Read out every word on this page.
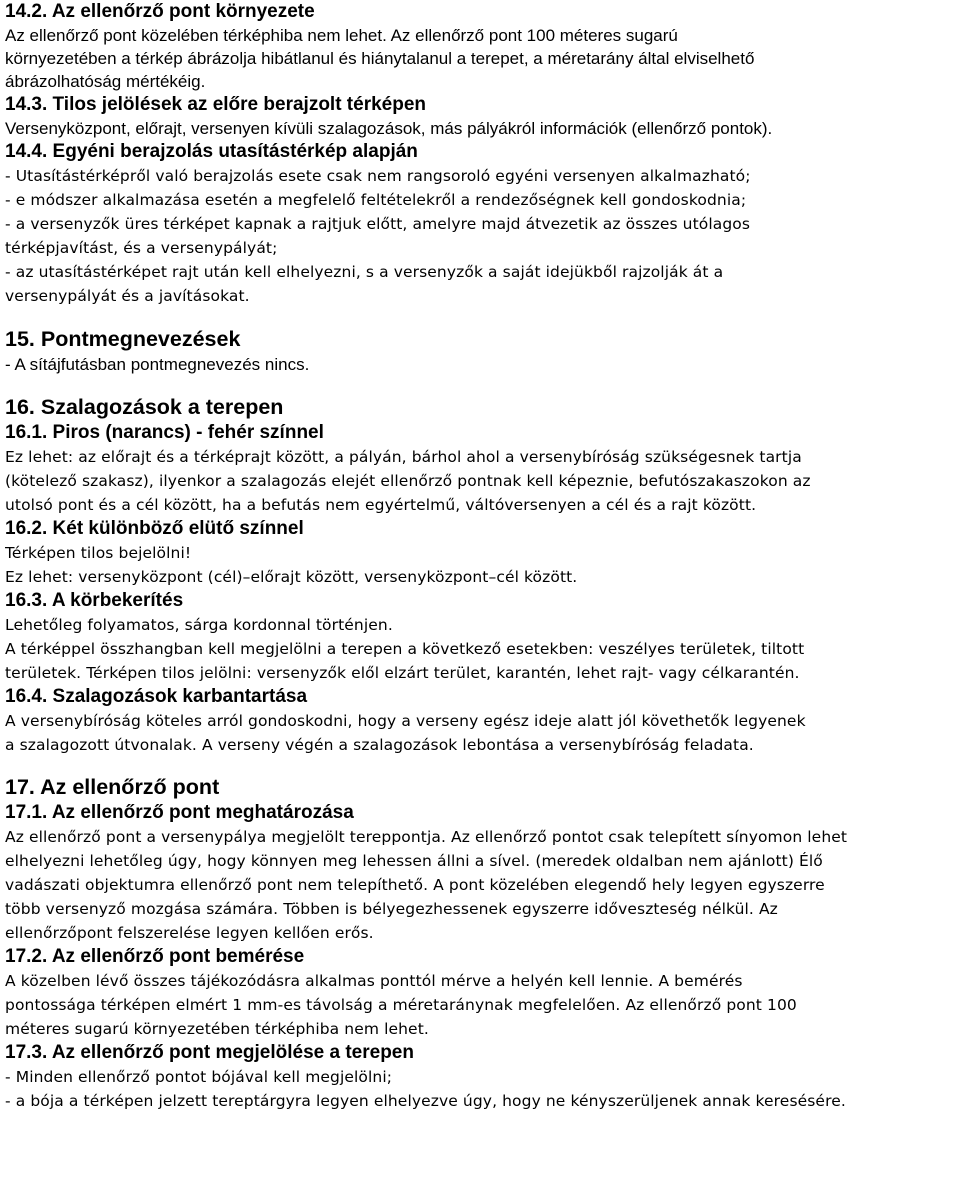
14.2. Az ellenőrző pont környezete
Az ellenőrző pont közelében térképhiba nem lehet. Az ellenőrző pont 100 méteres sugarú
környezetében a térkép ábrázolja hibátlanul és hiánytalanul a terepet, a méretarány által elviselhető
ábrázolhatóság mértékéig.
14.3. Tilos jelölések az előre berajzolt térképen
Versenyközpont, előrajt, versenyen kívüli szalagozások, más pályákról információk (ellenőrző pontok).
14.4. Egyéni berajzolás utasítástérkép alapján
- Utasítástérképről való berajzolás esete csak nem rangsoroló egyéni versenyen alkalmazható;
- e módszer alkalmazása esetén a megfelelő feltételekről a rendezőségnek kell gondoskodnia;
- a versenyzők üres térképet kapnak a rajtjuk előtt, amelyre majd átvezetik az összes utólagos
térképjavítást, és a versenypályát;
- az utasítástérképet rajt után kell elhelyezni, s a versenyzők a saját idejükből rajzolják át a
versenypályát és a javításokat.
15. Pontmegnevezések
- A sítájfutásban pontmegnevezés nincs.
16. Szalagozások a terepen
16.1. Piros (narancs) - fehér színnel
Ez lehet: az előrajt és a térképrajt között, a pályán, bárhol ahol a versenybíróság szükségesnek tartja
(kötelező szakasz), ilyenkor a szalagozás elejét ellenőrző pontnak kell képeznie, befutószakaszokon az
utolsó pont és a cél között, ha a befutás nem egyértelmű, váltóversenyen a cél és a rajt között.
16.2. Két különböző elütő színnel
Térképen tilos bejelölni!
Ez lehet: versenyközpont (cél)–előrajt között, versenyközpont–cél között.
16.3. A körbekerítés
Lehetőleg folyamatos, sárga kordonnal történjen.
A térképpel összhangban kell megjelölni a terepen a következő esetekben: veszélyes területek, tiltott
területek. Térképen tilos jelölni: versenyzők elől elzárt terület, karantén, lehet rajt- vagy célkarantén.
16.4. Szalagozások karbantartása
A versenybíróság köteles arról gondoskodni, hogy a verseny egész ideje alatt jól követhetők legyenek
a szalagozott útvonalak. A verseny végén a szalagozások lebontása a versenybíróság feladata.
17. Az ellenőrző pont
17.1. Az ellenőrző pont meghatározása
Az ellenőrző pont a versenypálya megjelölt tereppontja. Az ellenőrző pontot csak telepített sínyomon lehet
elhelyezni lehetőleg úgy, hogy könnyen meg lehessen állni a sível. (meredek oldalban nem ajánlott) Élő
vadászati objektumra ellenőrző pont nem telepíthető. A pont közelében elegendő hely legyen egyszerre
több versenyző mozgása számára. Többen is bélyegezhessenek egyszerre időveszteség nélkül. Az
ellenőrzőpont felszerelése legyen kellően erős.
17.2. Az ellenőrző pont bemérése
A közelben lévő összes tájékozódásra alkalmas ponttól mérve a helyén kell lennie. A bemérés
pontossága térképen elmért 1 mm-es távolság a méretaránynak megfelelően. Az ellenőrző pont 100
méteres sugarú környezetében térképhiba nem lehet.
17.3. Az ellenőrző pont megjelölése a terepen
- Minden ellenőrző pontot bójával kell megjelölni;
- a bója a térképen jelzett tereptárgyra legyen elhelyezve úgy, hogy ne kényszerüljenek annak keresésére.
